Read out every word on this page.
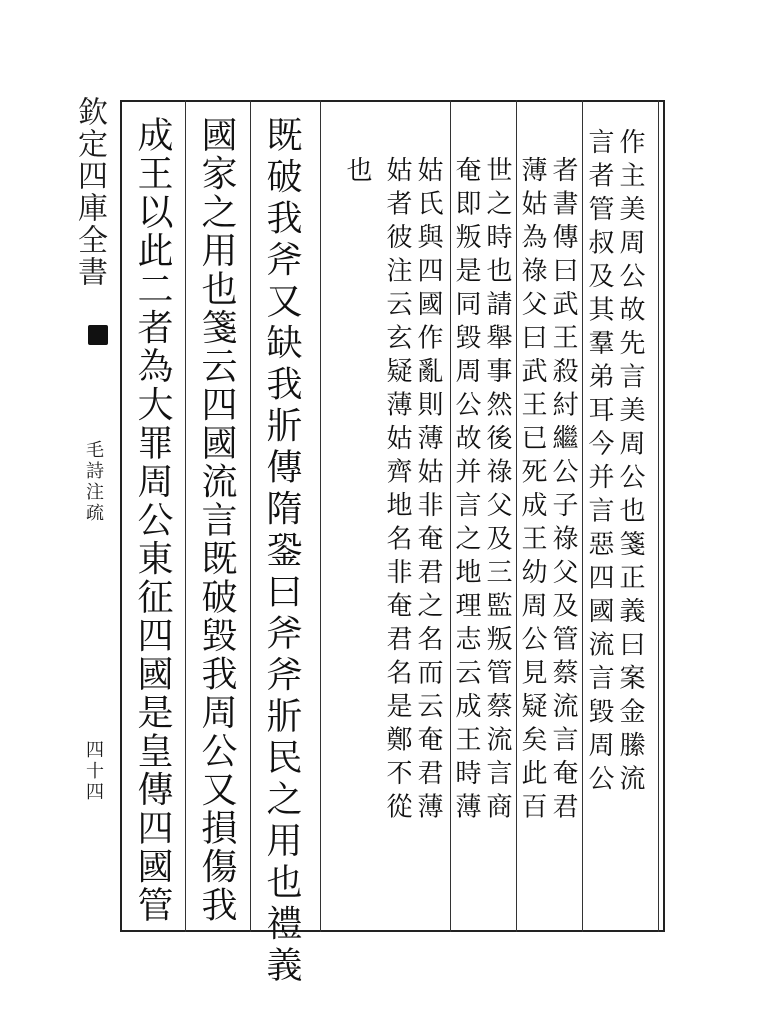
欽定四庫全書
毛詩注疏
四十四	作主美周公故先言美周公也箋正義曰案金縢流
言者管叔及其羣弟耳今并言惡四國流言毀周公
者書傳曰武王殺紂繼公子祿父及管蔡流言奄君
薄姑為祿父曰武王已死成王幼周公見疑矣此百
世之時也請舉事然後祿父及三監叛管蔡流言商
奄即叛是同毀周公故并言之地理志云成王時薄
姑氏與四國作亂則薄姑非奄君之名而云奄君薄
姑者彼注云玄疑薄姑齊地名非奄君名是鄭不從
也
既破我斧又缺我斨傳隋銎曰斧斧斨民之用也禮義
國家之用也箋云四國流言既破毀我周公又損傷我
成王以此二者為大罪周公東征四國是皇傳四國管
